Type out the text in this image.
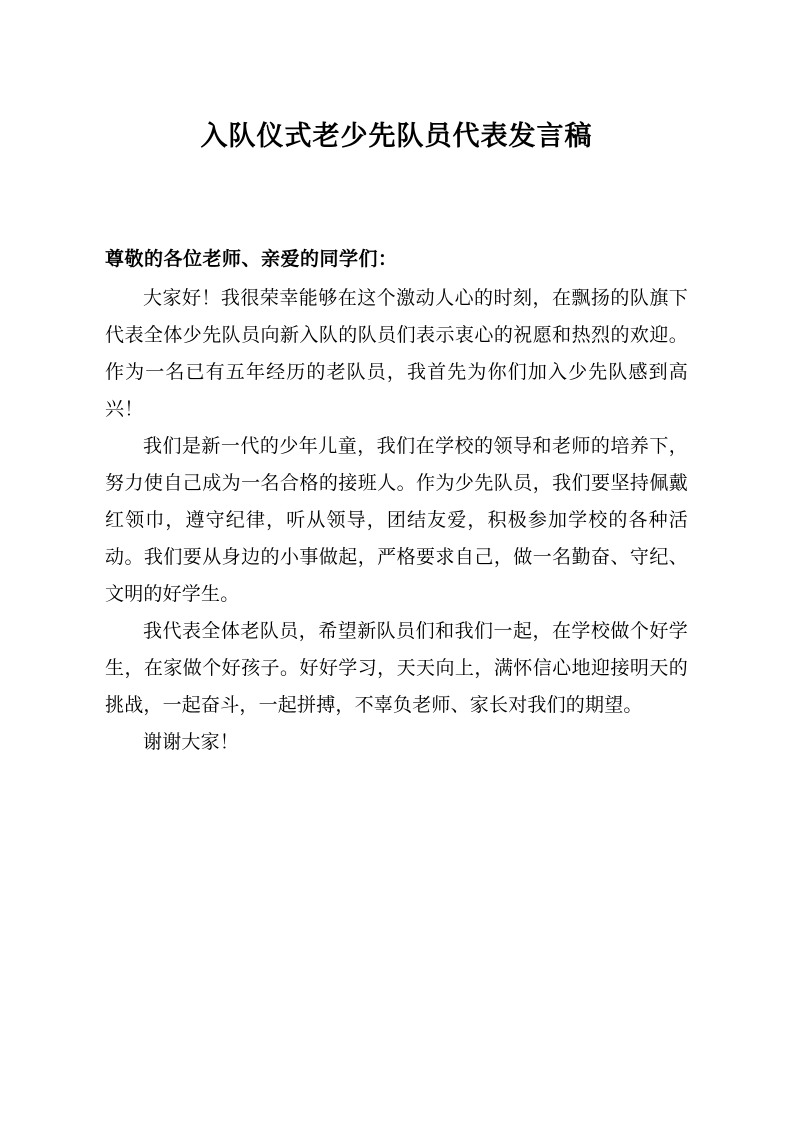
入队仪式老少先队员代表发言稿

尊敬的各位老师、亲爱的同学们：

大家好！我很荣幸能够在这个激动人心的时刻，在飘扬的队旗下代表全体少先队员向新入队的队员们表示衷心的祝愿和热烈的欢迎。作为一名已有五年经历的老队员，我首先为你们加入少先队感到高兴！

我们是新一代的少年儿童，我们在学校的领导和老师的培养下，努力使自己成为一名合格的接班人。作为少先队员，我们要坚持佩戴红领巾，遵守纪律，听从领导，团结友爱，积极参加学校的各种活动。我们要从身边的小事做起，严格要求自己，做一名勤奋、守纪、文明的好学生。

我代表全体老队员，希望新队员们和我们一起，在学校做个好学生，在家做个好孩子。好好学习，天天向上，满怀信心地迎接明天的挑战，一起奋斗，一起拼搏，不辜负老师、家长对我们的期望。

谢谢大家！
